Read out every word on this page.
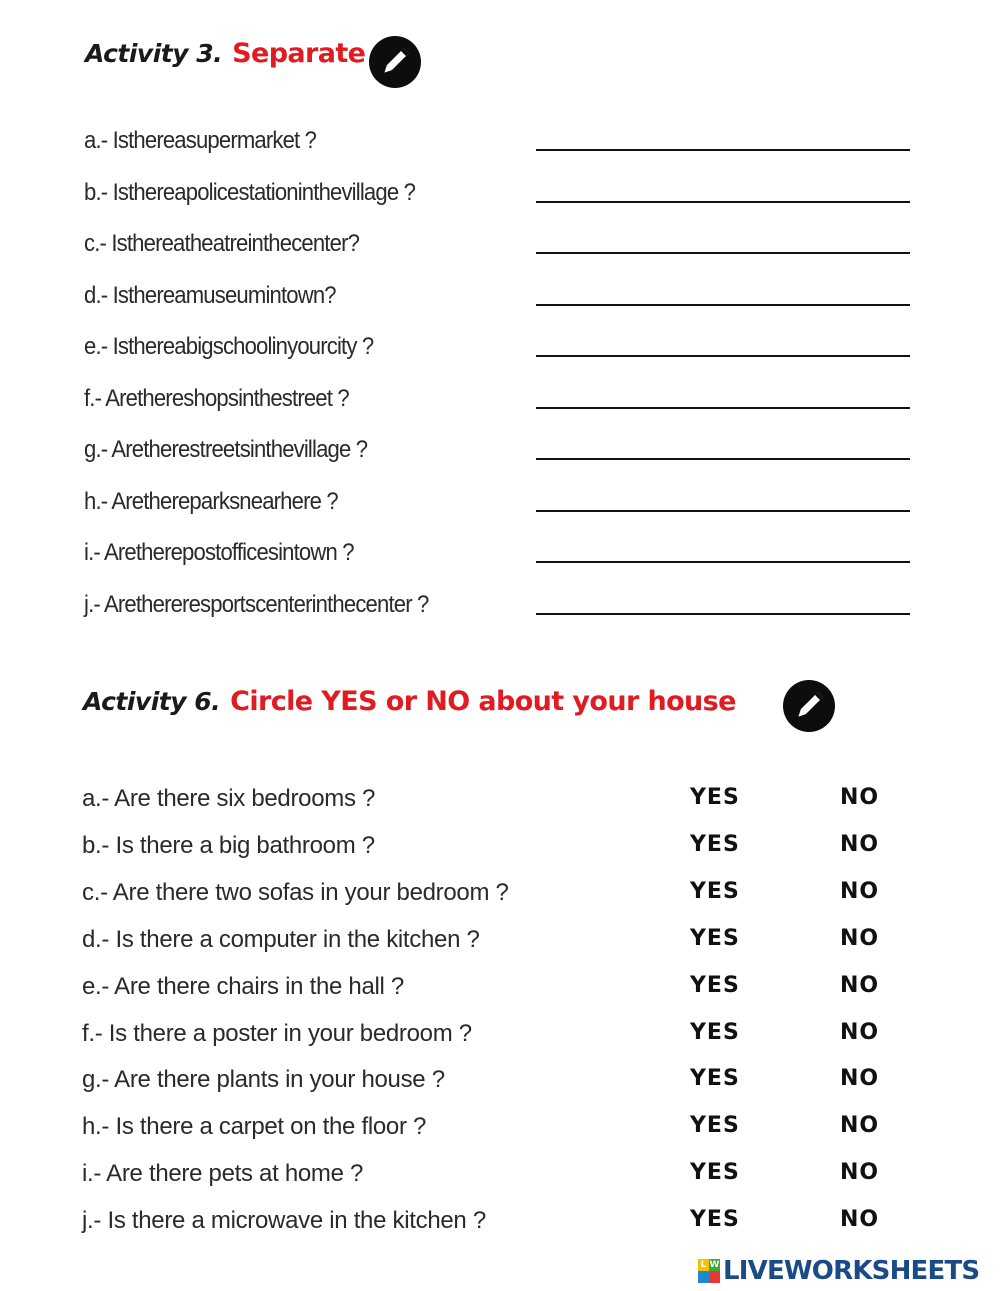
Activity 3. Separate
a.- Isthereasupermarket ?
b.- Isthereapolicestationinthevillage ?
c.- Isthereatheatreinthecenter?
d.- Isthereamuseumintown?
e.- Isthereabigschoolinyourcity ?
f.- Arethereshopsinthestreet ?
g.- Aretherestreetsinthevillage ?
h.- Arethereparksnearhere ?
i.- Aretherepostofficesintown ?
j.- Arethereresportscenterinthecenter ?
Activity 6. Circle YES or NO about your house
a.- Are there six bedrooms ?	YES	NO
b.- Is there a big bathroom ?	YES	NO
c.- Are there two sofas in your bedroom ?	YES	NO
d.- Is there a computer in the kitchen ?	YES	NO
e.- Are there chairs in the hall ?	YES	NO
f.- Is there a poster in your bedroom ?	YES	NO
g.- Are there plants in your house ?	YES	NO
h.- Is there a carpet on the floor ?	YES	NO
i.- Are there pets at home ?	YES	NO
j.- Is there a microwave in the kitchen ?	YES	NO
L W LIVEWORKSHEETS
